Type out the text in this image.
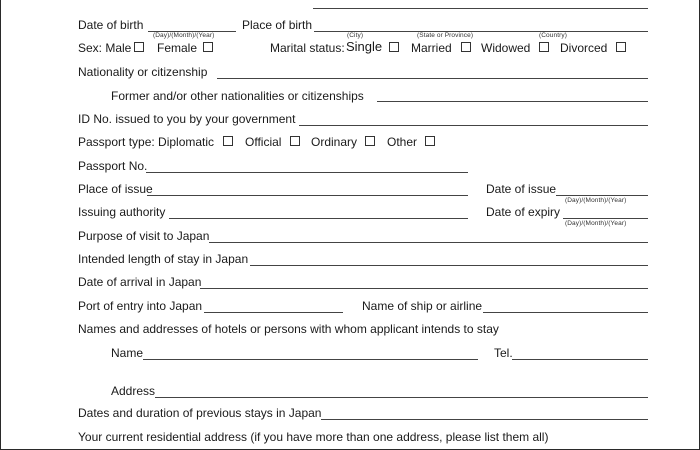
Date of birth
(Day)/(Month)/(Year)
Place of birth
(City)	(State or Province)	(Country)
Sex: Male Female	Marital status: Single Married Widowed Divorced
Nationality or citizenship
Former and/or other nationalities or citizenships
ID No. issued to you by your government
Passport type: Diplomatic	Official Ordinary Other
Passport No.
Place of issue	Date of issue
(Day)/(Month)/(Year)
Issuing authority	Date of expiry
(Day)/(Month)/(Year)
Purpose of visit to Japan
Intended length of stay in Japan
Date of arrival in Japan
Port of entry into Japan	Name of ship or airline
Names and addresses of hotels or persons with whom applicant intends to stay
Name	Tel.
Address
Dates and duration of previous stays in Japan
Your current residential address (if you have more than one address, please list them all)
